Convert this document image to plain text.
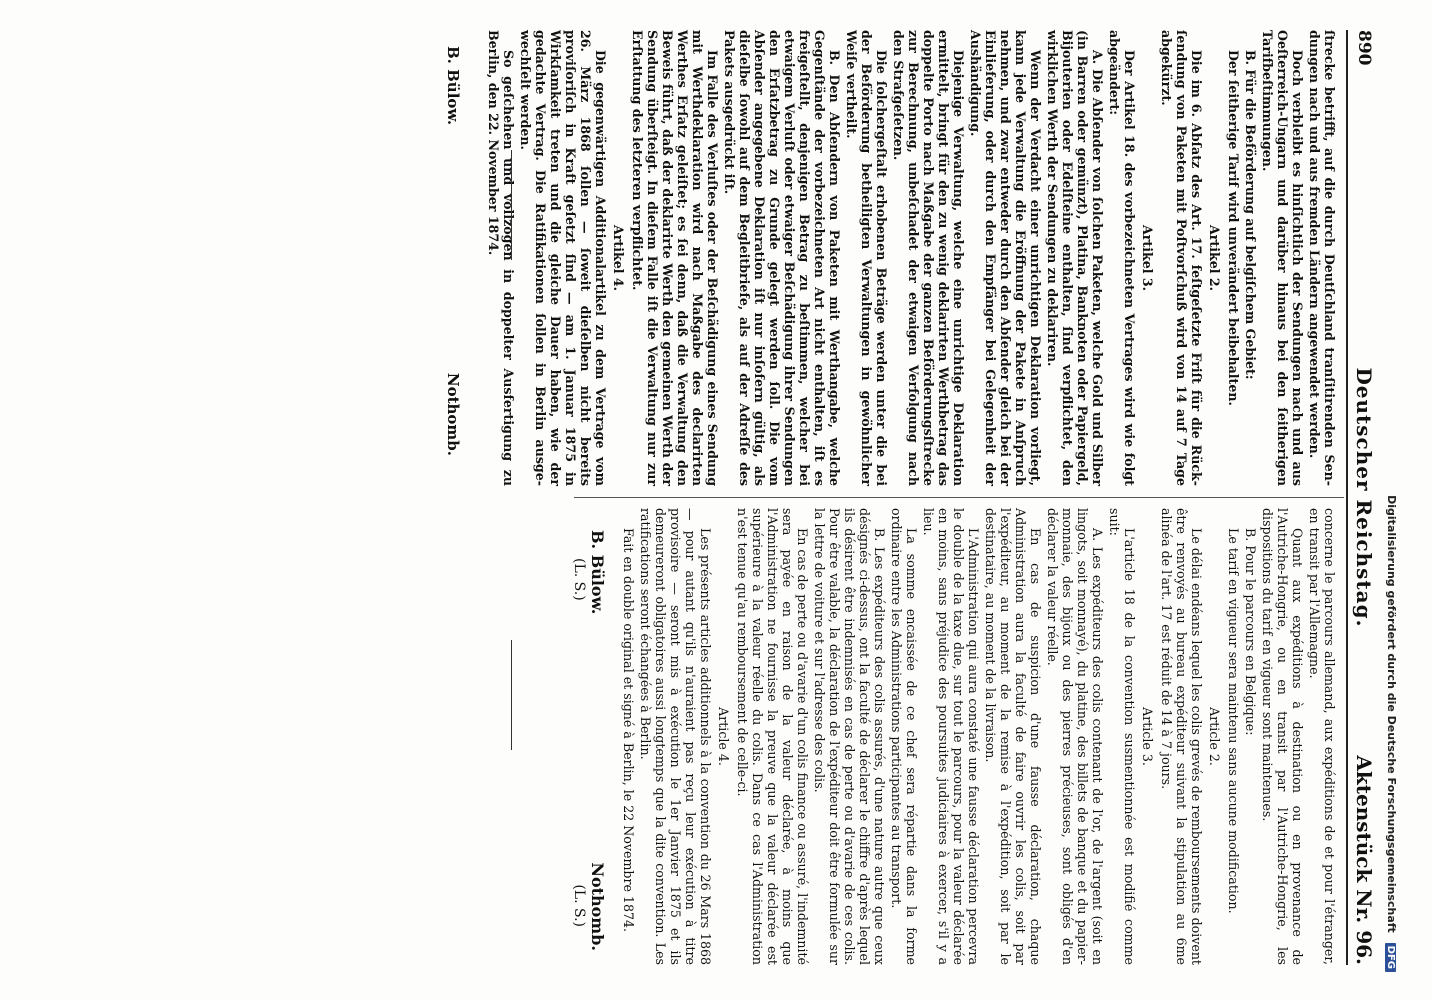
Digitalisierung gefördert durch die Deutsche Forschungsgemeinschaft DFG
890
Deutscher Reichstag.
Aktenstück Nr. 96.

ſtrecke betrifft, auf die durch Deutſchland tranſitirenden Sendungen nach und aus fremden Ländern angewendet werden.

Doch verbleibt es hinſichtlich der Sendungen nach und aus Oeſterreich-Ungarn und darüber hinaus bei den ſeitherigen Tarifbeſtimmungen.

B. Für die Beförderung auf belgiſchem Gebiet:

Der ſeitherige Tarif wird unverändert beibehalten.

Artikel 2.

Die im 6. Abſatz des Art. 17. feſtgeſetzte Friſt für die Rückſendung von Paketen mit Poſtvorſchuß wird von 14 auf 7 Tage abgekürzt.

Artikel 3.

Der Artikel 18. des vorbezeichneten Vertrages wird wie folgt abgeändert:

A. Die Abſender von ſolchen Paketen, welche Gold und Silber (in Barren oder gemünzt), Platina, Banknoten oder Papiergeld, Bijouterien oder Edelſteine enthalten, ſind verpflichtet, den wirklichen Werth der Sendungen zu deklariren.

Wenn der Verdacht einer unrichtigen Deklaration vorliegt, kann jede Verwaltung die Eröffnung der Pakete in Anſpruch nehmen, und zwar entweder durch den Abſender gleich bei der Einlieferung, oder durch den Empfänger bei Gelegenheit der Aushändigung.

Diejenige Verwaltung, welche eine unrichtige Deklaration ermittelt, bringt für den zu wenig deklarirten Werthbetrag das doppelte Porto nach Maßgabe der ganzen Beförderungsſtrecke zur Berechnung, unbeſchadet der etwaigen Verfolgung nach den Strafgeſetzen.

Die ſolchergeſtalt erhobenen Beträge werden unter die bei der Beförderung betheiligten Verwaltungen in gewöhnlicher Weiſe vertheilt.

B. Den Abſendern von Paketen mit Werthangabe, welche Gegenſtände der vorbezeichneten Art nicht enthalten, iſt es freigeſtellt, denjenigen Betrag zu beſtimmen, welcher bei etwaigem Verluſt oder etwaiger Beſchädigung ihrer Sendungen den Erſatzbetrag zu Grunde gelegt werden ſoll. Die vom Abſender angegebene Deklaration iſt nur inſofern gültig, als dieſelbe ſowohl auf dem Begleitbriefe, als auf der Adreſſe des Pakets ausgedrückt iſt.

Im Falle des Verluſtes oder der Beſchädigung eines Sendung mit Werthdeklaration wird nach Maßgabe des declarirten Werthes Erſatz geleiſtet; es ſei denn, daß die Verwaltung den Beweis führt, daß der deklarirte Werth den gemeinen Werth der Sendung überſteigt. In dieſem Falle iſt die Verwaltung nur zur Erſtattung des letzteren verpflichtet.

Artikel 4.

Die gegenwärtigen Additionalartikel zu dem Vertrage vom 26. März 1868 ſollen — ſoweit dieſelben nicht bereits proviſoriſch in Kraft geſetzt ſind — am 1. Januar 1875 in Wirkſamkeit treten und die gleiche Dauer haben, wie der gedachte Vertrag. Die Ratifikationen ſollen in Berlin ausgewechſelt werden.

So geſchehen und vollzogen in doppelter Ausfertigung zu Berlin, den 22. November 1874.

B. Bülow.
Nothomb.

concerne le parcours allemand, aux expéditions de et pour l'étranger, en transit par l'Allemagne.

Quant aux expéditions à destination ou en provenance de l'Autriche-Hongrie, ou en transit par l'Autriche-Hongrie, les dispositions du tarif en vigueur sont maintenues.

B. Pour le parcours en Belgique:

Le tarif en vigueur sera maintenu sans aucune modification.

Article 2.

Le délai endéans lequel les colis grevés de remboursements doivent être renvoyés au bureau expéditeur suivant la stipulation au 6me alinéa de l'art. 17 est réduit de 14 à 7 jours.

Article 3.

L'article 18 de la convention susmentionnée est modifié comme suit:

A. Les expéditeurs des colis contenant de l'or, de l'argent (soit en lingots, soit monnayé), du platine, des billets de banque et du papier-monnaie, des bijoux ou des pierres précieuses, sont obligés d'en déclarer la valeur réelle.

En cas de suspicion d'une fausse déclaration, chaque Administration aura la faculté de faire ouvrir les colis, soit par l'expéditeur, au moment de la remise à l'expédition, soit par le destinataire, au moment de la livraison.

L'Administration qui aura constaté une fausse déclaration percevra le double de la taxe due, sur tout le parcours, pour la valeur déclarée en moins, sans préjudice des poursuites judiciaires à exercer, s'il y a lieu.

La somme encaissée de ce chef sera répartie dans la forme ordinaire entre les Administrations participantes au transport.

B. Les expéditeurs des colis assurés, d'une nature autre que ceux désignés ci-dessus, ont la faculté de déclarer le chiffre d'après lequel ils désirent être indemnisés en cas de perte ou d'avarie de ces colis. Pour être valable, la déclaration de l'expéditeur doit être formulée sur la lettre de voiture et sur l'adresse des colis.

En cas de perte ou d'avarie d'un colis finance ou assuré, l'indemnité sera payée en raison de la valeur déclarée, à moins que l'Administration ne fournisse la preuve que la valeur déclarée est supérieure à la valeur réelle du colis. Dans ce cas l'Administration n'est tenue qu'au remboursement de celle-ci.

Article 4.

Les présents articles additionnels à la convention du 26 Mars 1868 — pour autant qu'ils n'auraient pas reçu leur exécution à titre provisoire — seront mis à exécution le 1er Janvier 1875 et ils demeureront obligatoires aussi longtemps que la dite convention. Les ratifications seront échangées à Berlin.

Fait en double original et signé à Berlin, le 22 Novembre 1874.

B. Bülow.
Nothomb.
(L. S.)
(L. S.)
